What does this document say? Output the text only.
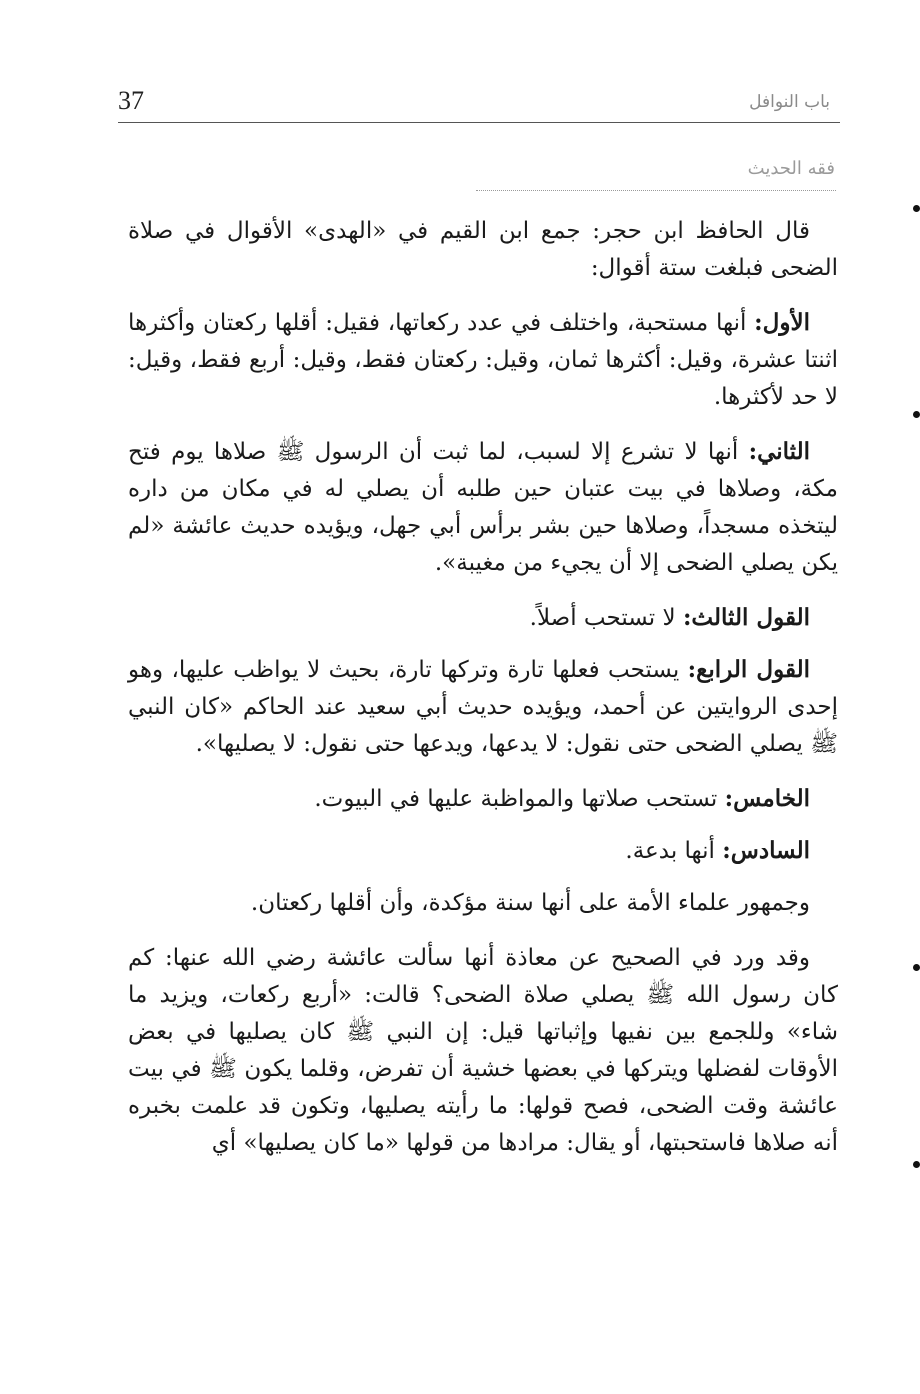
37	باب النوافل
فقه الحديث

قال الحافظ ابن حجر: جمع ابن القيم في «الهدى» الأقوال في صلاة الضحى فبلغت ستة أقوال:

الأول: أنها مستحبة، واختلف في عدد ركعاتها، فقيل: أقلها ركعتان وأكثرها اثنتا عشرة، وقيل: أكثرها ثمان، وقيل: ركعتان فقط، وقيل: أربع فقط، وقيل: لا حد لأكثرها.

الثاني: أنها لا تشرع إلا لسبب، لما ثبت أن الرسول ﷺ صلاها يوم فتح مكة، وصلاها في بيت عتبان حين طلبه أن يصلي له في مكان من داره ليتخذه مسجداً، وصلاها حين بشر برأس أبي جهل، ويؤيده حديث عائشة «لم يكن يصلي الضحى إلا أن يجيء من مغيبة».

القول الثالث: لا تستحب أصلاً.

القول الرابع: يستحب فعلها تارة وتركها تارة، بحيث لا يواظب عليها، وهو إحدى الروايتين عن أحمد، ويؤيده حديث أبي سعيد عند الحاكم «كان النبي ﷺ يصلي الضحى حتى نقول: لا يدعها، ويدعها حتى نقول: لا يصليها».

الخامس: تستحب صلاتها والمواظبة عليها في البيوت.

السادس: أنها بدعة.

وجمهور علماء الأمة على أنها سنة مؤكدة، وأن أقلها ركعتان.

وقد ورد في الصحيح عن معاذة أنها سألت عائشة رضي الله عنها: كم كان رسول الله ﷺ يصلي صلاة الضحى؟ قالت: «أربع ركعات، ويزيد ما شاء» وللجمع بين نفيها وإثباتها قيل: إن النبي ﷺ كان يصليها في بعض الأوقات لفضلها ويتركها في بعضها خشية أن تفرض، وقلما يكون ﷺ في بيت عائشة وقت الضحى، فصح قولها: ما رأيته يصليها، وتكون قد علمت بخبره أنه صلاها فاستحبتها، أو يقال: مرادها من قولها «ما كان يصليها» أي
